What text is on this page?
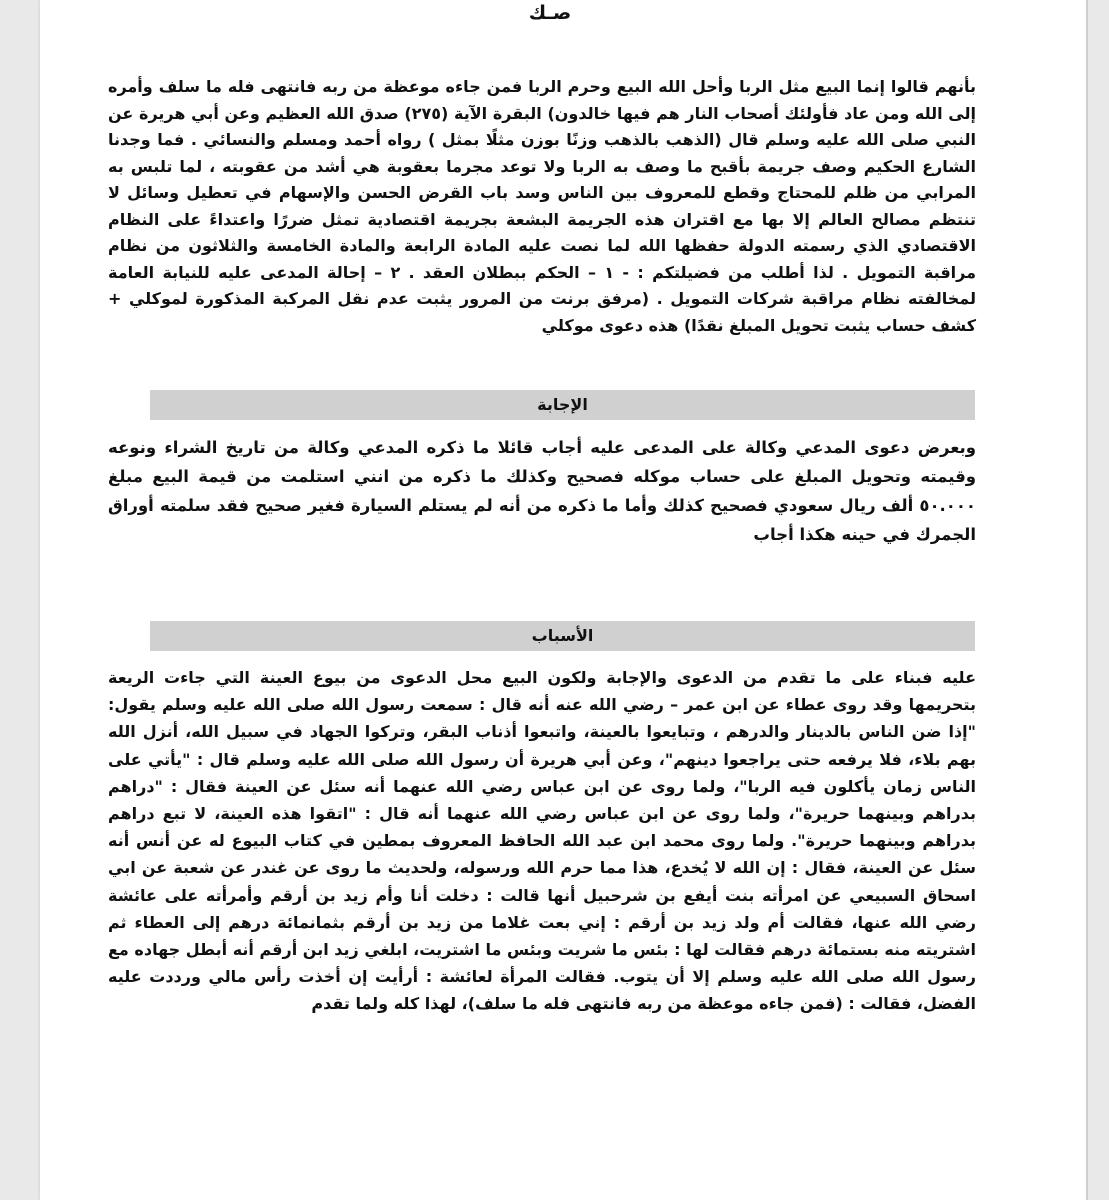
صـك
بأنهم قالوا إنما البيع مثل الربا وأحل الله البيع وحرم الربا فمن جاءه موعظة من ربه فانتهى فله ما سلف وأمره إلى الله ومن عاد فأولئك أصحاب النار هم فيها خالدون) البقرة الآية (٢٧٥) صدق الله العظيم وعن أبي هريرة عن النبي صلى الله عليه وسلم قال (الذهب بالذهب وزنًا بوزن مثلًا بمثل ) رواه أحمد ومسلم والنسائي . فما وجدنا الشارع الحكيم وصف جريمة بأقبح ما وصف به الربا ولا توعد مجرما بعقوبة هي أشد من عقوبته ، لما تلبس به المرابي من ظلم للمحتاج وقطع للمعروف بين الناس وسد باب القرض الحسن والإسهام في تعطيل وسائل لا تنتظم مصالح العالم إلا بها مع اقتران هذه الجريمة البشعة بجريمة اقتصادية تمثل ضررًا واعتداءً على النظام الاقتصادي الذي رسمته الدولة حفظها الله لما نصت عليه المادة الرابعة والمادة الخامسة والثلاثون من نظام مراقبة التمويل . لذا أطلب من فضيلتكم : - ١ – الحكم ببطلان العقد . ٢ – إحالة المدعى عليه للنيابة العامة لمخالفته نظام مراقبة شركات التمويل . (مرفق برنت من المرور يثبت عدم نقل المركبة المذكورة لموكلي + كشف حساب يثبت تحويل المبلغ نقدًا) هذه دعوى موكلي
الإجابة
وبعرض دعوى المدعي وكالة على المدعى عليه أجاب قائلا ما ذكره المدعي وكالة من تاريخ الشراء ونوعه وقيمته وتحويل المبلغ على حساب موكله فصحيح وكذلك ما ذكره من انني استلمت من قيمة البيع مبلغ ٥٠.٠٠٠ ألف ريال سعودي فصحيح كذلك وأما ما ذكره من أنه لم يستلم السيارة فغير صحيح فقد سلمته أوراق الجمرك في حينه هكذا أجاب
الأسباب
عليه فبناء على ما تقدم من الدعوى والإجابة ولكون البيع محل الدعوى من بيوع العينة التي جاءت الريعة بتحريمها وقد روى عطاء عن ابن عمر – رضي الله عنه أنه قال : سمعت رسول الله صلى الله عليه وسلم يقول: "إذا ضن الناس بالدينار والدرهم ، وتبايعوا بالعينة، واتبعوا أذناب البقر، وتركوا الجهاد في سبيل الله، أنزل الله بهم بلاء، فلا يرفعه حتى يراجعوا دينهم"، وعن أبي هريرة أن رسول الله صلى الله عليه وسلم قال : "يأتي على الناس زمان يأكلون فيه الربا"، ولما روى عن ابن عباس رضي الله عنهما أنه سئل عن العينة فقال : "دراهم بدراهم وبينهما حريرة"، ولما روى عن ابن عباس رضي الله عنهما أنه قال : "اتقوا هذه العينة، لا تبع دراهم بدراهم وبينهما حريرة". ولما روى محمد ابن عبد الله الحافظ المعروف بمطين في كتاب البيوع له عن أنس أنه سئل عن العينة، فقال : إن الله لا يُخدع، هذا مما حرم الله ورسوله، ولحديث ما روى عن غندر عن شعبة عن ابي اسحاق السبيعي عن امرأته بنت أيفع بن شرحبيل أنها قالت : دخلت أنا وأم زيد بن أرقم وأمرأته على عائشة رضي الله عنها، فقالت أم ولد زيد بن أرقم : إني بعت غلاما من زيد بن أرقم بثمانمائة درهم إلى العطاء ثم اشتريته منه بستمائة درهم فقالت لها : بئس ما شريت وبئس ما اشتريت، ابلغي زيد ابن أرقم أنه أبطل جهاده مع رسول الله صلى الله عليه وسلم إلا أن يتوب. فقالت المرأة لعائشة : أرأيت إن أخذت رأس مالي ورددت عليه الفضل، فقالت : (فمن جاءه موعظة من ربه فانتهى فله ما سلف)، لهذا كله ولما تقدم
